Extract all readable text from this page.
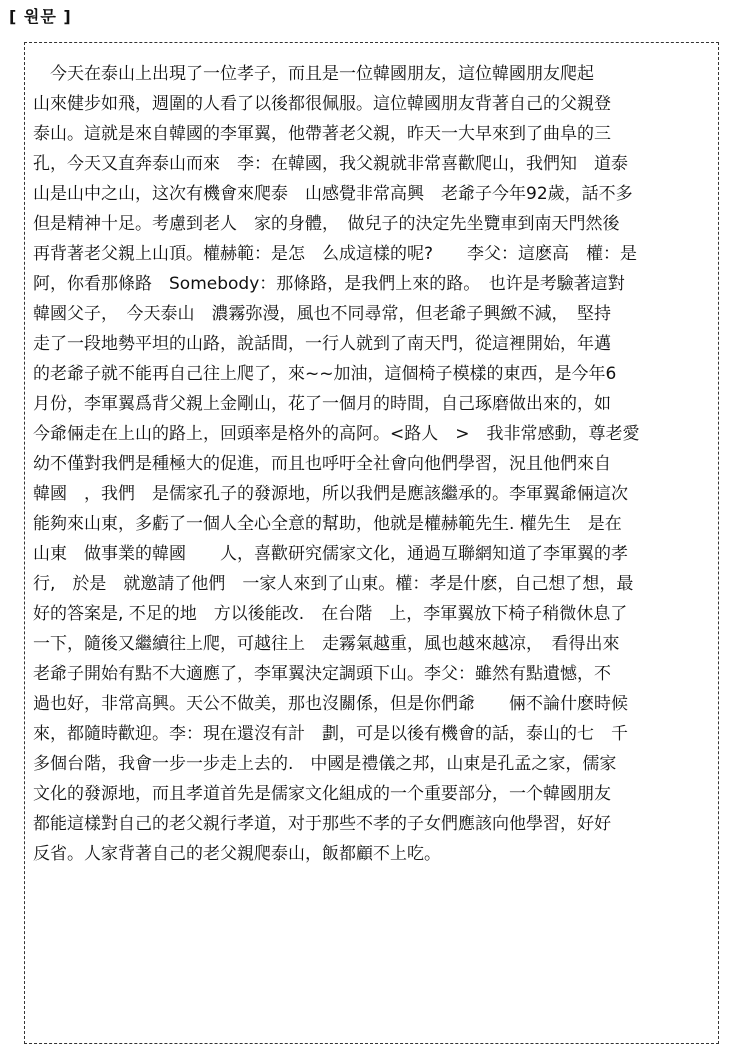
[ 원문 ]
　今天在泰山上出現了一位孝子，而且是一位韓國朋友，這位韓國朋友爬起
山來健步如飛，週圍的人看了以後都很佩服。這位韓國朋友背著自己的父親登
泰山。這就是來自韓國的李軍翼，他帶著老父親，昨天一大早來到了曲阜的三
孔，今天又直奔泰山而來　李：在韓國，我父親就非常喜歡爬山，我們知　道泰
山是山中之山，这次有機會來爬泰　山感覺非常高興　老爺子今年92歲，話不多
但是精神十足。考慮到老人　家的身體，　做兒子的決定先坐覽車到南天門然後
再背著老父親上山頂。權赫範：是怎　么成這樣的呢?　　李父：這麽高　權：是
阿，你看那條路　Somebody：那條路，是我們上來的路。　也许是考驗著這對
韓國父子，　今天泰山　濃霧弥漫，風也不同尋常，但老爺子興緻不減，　堅持
走了一段地勢平坦的山路，說話間，一行人就到了南天門，從這裡開始，年邁
的老爺子就不能再自己往上爬了，來~~加油，這個椅子模樣的東西，是今年6
月份，李軍翼爲背父親上金剛山，花了一個月的時間，自己琢磨做出來的，如
今爺倆走在上山的路上，回頭率是格外的高阿。<路人　>　我非常感動，尊老愛
幼不僅對我們是種極大的促進，而且也呼吁全社會向他們學習，況且他們來自
韓國　，我們　是儒家孔子的發源地，所以我們是應該繼承的。李軍翼爺倆這次
能夠來山東，多虧了一個人全心全意的幫助，他就是權赫範先生. 權先生　是在
山東　做事業的韓國　　人，喜歡研究儒家文化，通過互聯網知道了李軍翼的孝
行,　於是　就邀請了他們　一家人來到了山東。權：孝是什麽，自己想了想，最
好的答案是, 不足的地　方以後能改.　在台階　上，李軍翼放下椅子稍微休息了
一下，隨後又繼續往上爬，可越往上　走霧氣越重，風也越來越凉，　看得出來
老爺子開始有點不大適應了，李軍翼決定調頭下山。李父：雖然有點遺憾，不
過也好，非常高興。天公不做美，那也沒關係，但是你們爺　　倆不論什麽時候
來，都隨時歡迎。李：現在還沒有計　劃，可是以後有機會的話，泰山的七　千
多個台階，我會一步一步走上去的.　中國是禮儀之邦，山東是孔孟之家，儒家
文化的發源地，而且孝道首先是儒家文化組成的一个重要部分，一个韓國朋友
都能這樣對自己的老父親行孝道，对于那些不孝的子女們應該向他學習，好好
反省。人家背著自己的老父親爬泰山，飯都顧不上吃。
